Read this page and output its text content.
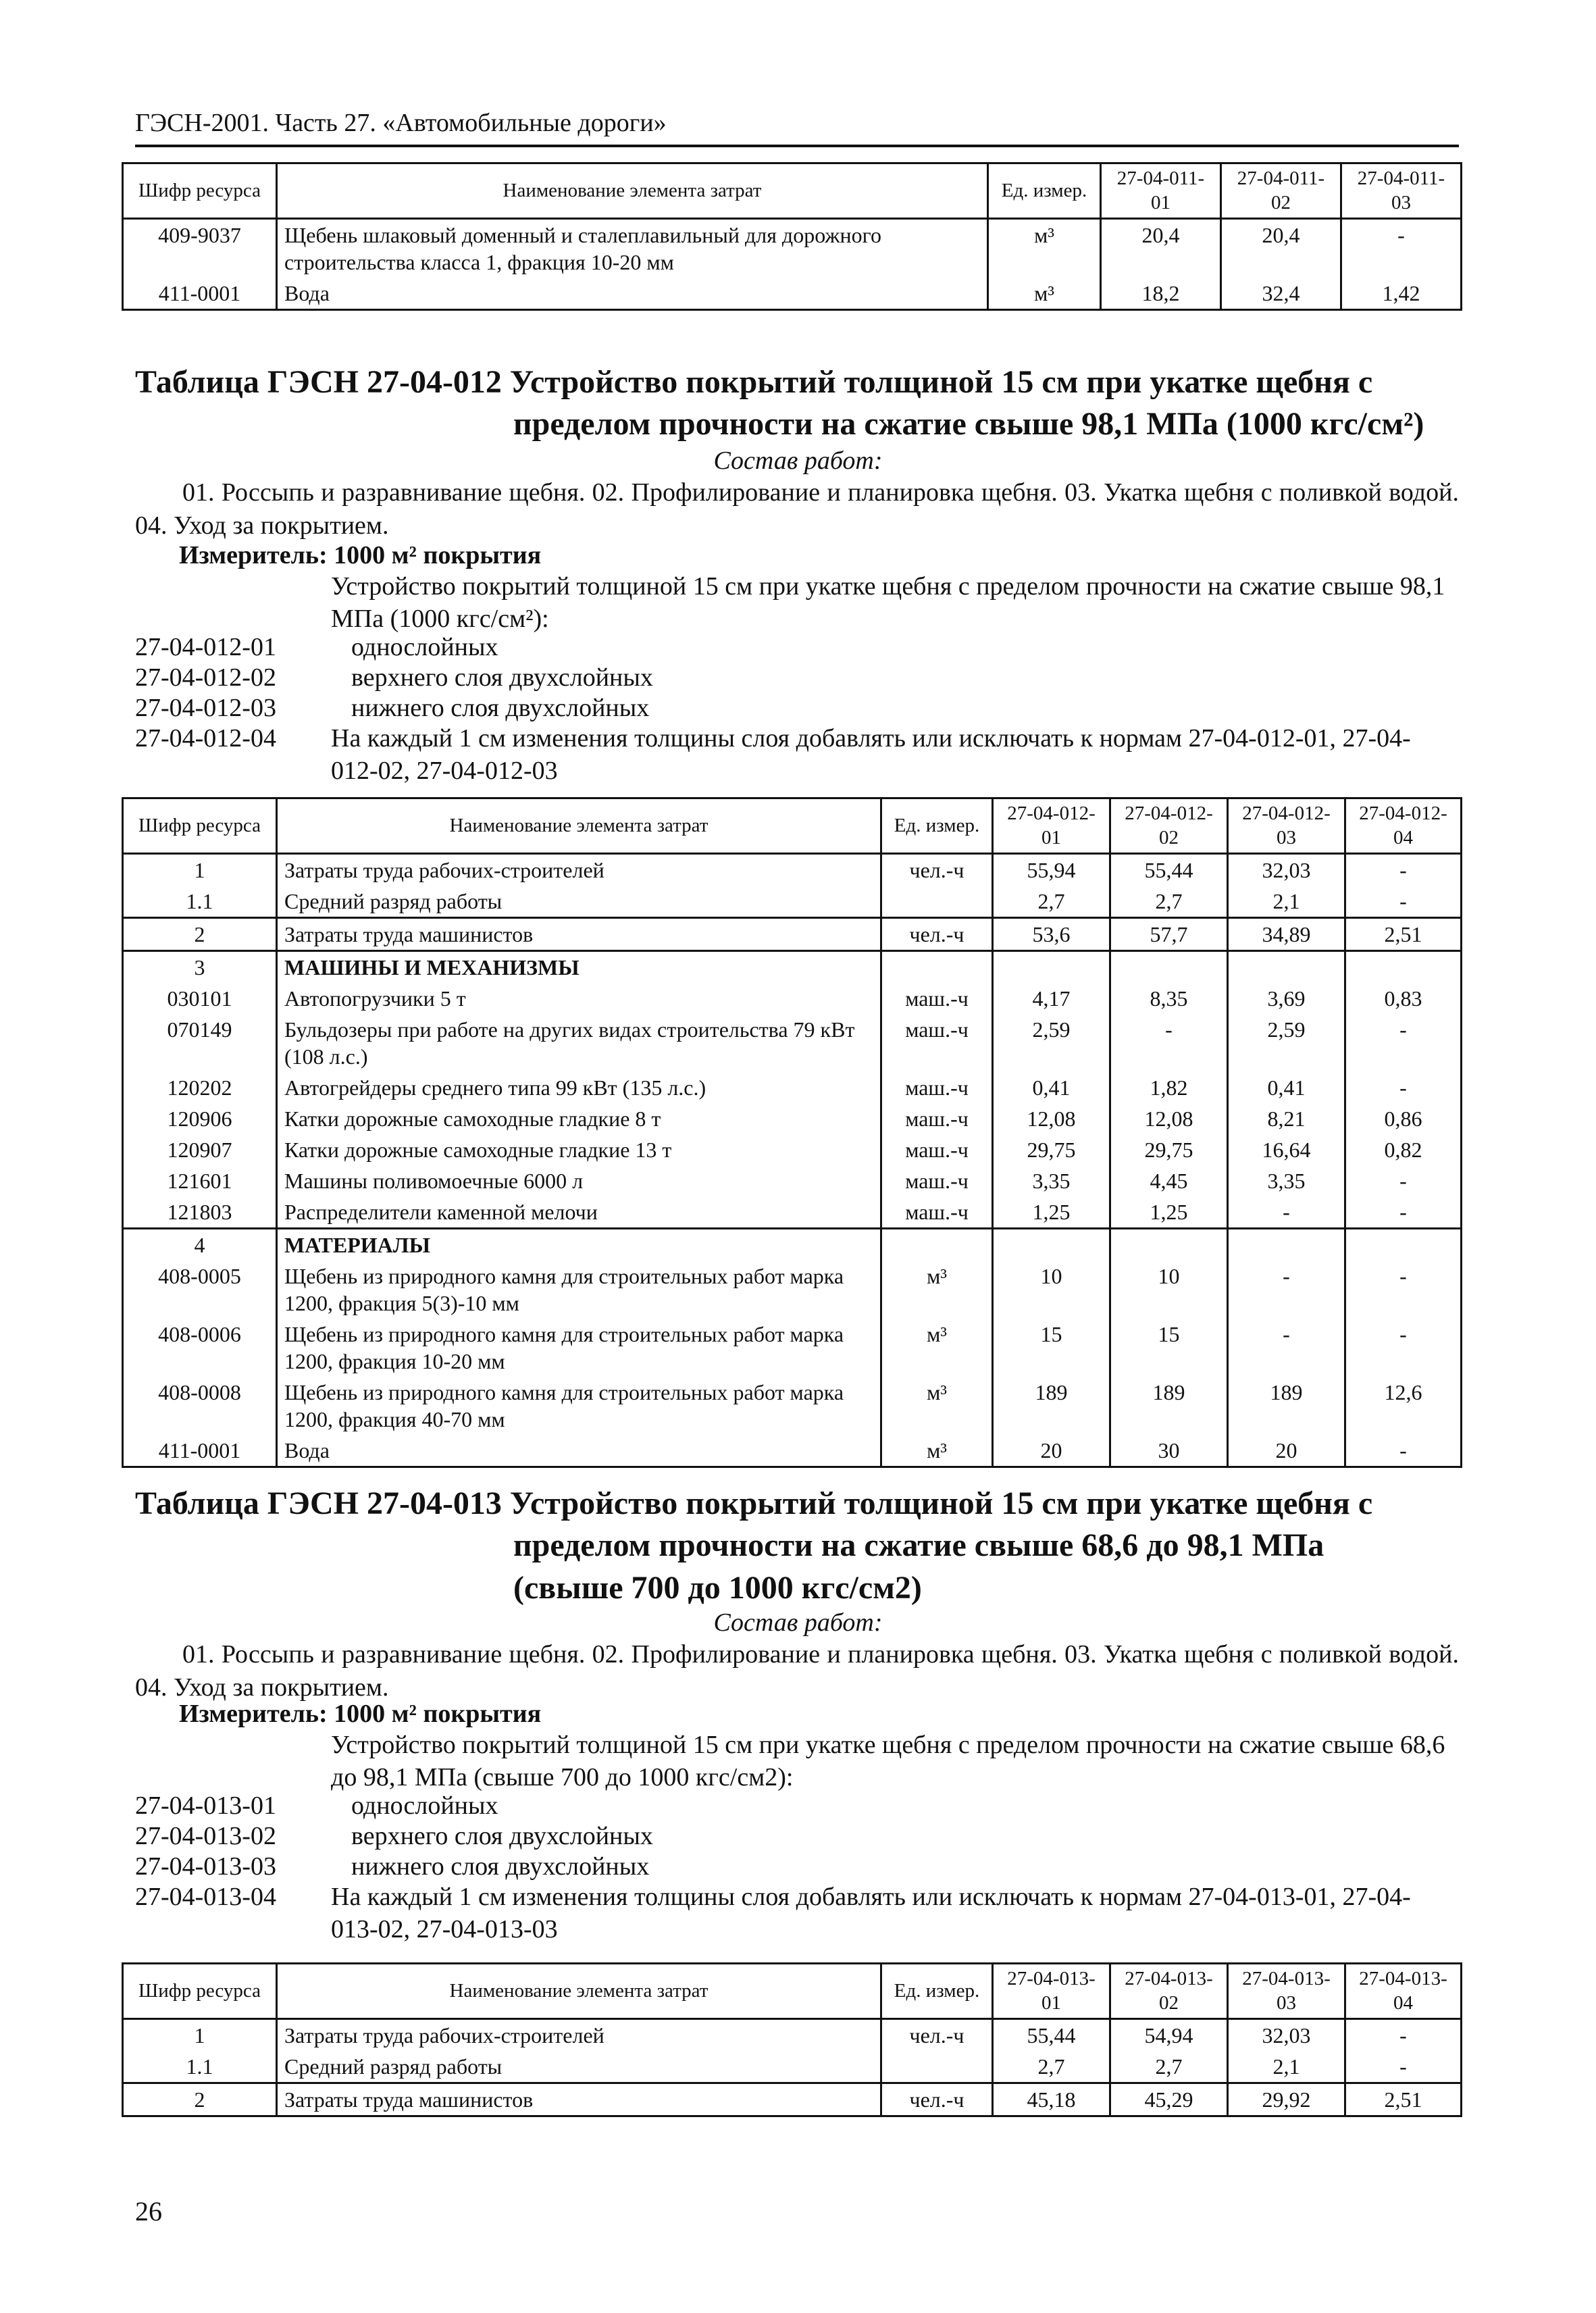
ГЭСН-2001. Часть 27. «Автомобильные дороги»
Шифр ресурса	Наименование элемента затрат	Ед. измер.	27-04-011-01	27-04-011-02	27-04-011-03
409-9037	Щебень шлаковый доменный и сталеплавильный для дорожного строительства класса 1, фракция 10-20 мм	м³	20,4	20,4	-
411-0001	Вода	м³	18,2	32,4	1,42
Таблица ГЭСН 27-04-012 Устройство покрытий толщиной 15 см при укатке щебня с
пределом прочности на сжатие свыше 98,1 МПа (1000 кгс/см²)
Состав работ:
01. Россыпь и разравнивание щебня. 02. Профилирование и планировка щебня. 03. Укатка щебня с поливкой водой. 04. Уход за покрытием.
Измеритель: 1000 м² покрытия
Устройство покрытий толщиной 15 см при укатке щебня с пределом прочности на сжатие свыше 98,1 МПа (1000 кгс/см²):
27-04-012-01	однослойных
27-04-012-02	верхнего слоя двухслойных
27-04-012-03	нижнего слоя двухслойных
27-04-012-04	На каждый 1 см изменения толщины слоя добавлять или исключать к нормам 27-04-012-01, 27-04-012-02, 27-04-012-03
Шифр ресурса	Наименование элемента затрат	Ед. измер.	27-04-012-01	27-04-012-02	27-04-012-03	27-04-012-04
1	Затраты труда рабочих-строителей	чел.-ч	55,94	55,44	32,03	-
1.1	Средний разряд работы		2,7	2,7	2,1	-
2	Затраты труда машинистов	чел.-ч	53,6	57,7	34,89	2,51
3	МАШИНЫ И МЕХАНИЗМЫ					
030101	Автопогрузчики 5 т	маш.-ч	4,17	8,35	3,69	0,83
070149	Бульдозеры при работе на других видах строительства 79 кВт (108 л.с.)	маш.-ч	2,59	-	2,59	-
120202	Автогрейдеры среднего типа 99 кВт (135 л.с.)	маш.-ч	0,41	1,82	0,41	-
120906	Катки дорожные самоходные гладкие 8 т	маш.-ч	12,08	12,08	8,21	0,86
120907	Катки дорожные самоходные гладкие 13 т	маш.-ч	29,75	29,75	16,64	0,82
121601	Машины поливомоечные 6000 л	маш.-ч	3,35	4,45	3,35	-
121803	Распределители каменной мелочи	маш.-ч	1,25	1,25	-	-
4	МАТЕРИАЛЫ					
408-0005	Щебень из природного камня для строительных работ марка 1200, фракция 5(3)-10 мм	м³	10	10	-	-
408-0006	Щебень из природного камня для строительных работ марка 1200, фракция 10-20 мм	м³	15	15	-	-
408-0008	Щебень из природного камня для строительных работ марка 1200, фракция 40-70 мм	м³	189	189	189	12,6
411-0001	Вода	м³	20	30	20	-
Таблица ГЭСН 27-04-013 Устройство покрытий толщиной 15 см при укатке щебня с
пределом прочности на сжатие свыше 68,6 до 98,1 МПа
(свыше 700 до 1000 кгс/см2)
Состав работ:
01. Россыпь и разравнивание щебня. 02. Профилирование и планировка щебня. 03. Укатка щебня с поливкой водой. 04. Уход за покрытием.
Измеритель: 1000 м² покрытия
Устройство покрытий толщиной 15 см при укатке щебня с пределом прочности на сжатие свыше 68,6 до 98,1 МПа (свыше 700 до 1000 кгс/см2):
27-04-013-01	однослойных
27-04-013-02	верхнего слоя двухслойных
27-04-013-03	нижнего слоя двухслойных
27-04-013-04	На каждый 1 см изменения толщины слоя добавлять или исключать к нормам 27-04-013-01, 27-04-013-02, 27-04-013-03
Шифр ресурса	Наименование элемента затрат	Ед. измер.	27-04-013-01	27-04-013-02	27-04-013-03	27-04-013-04
1	Затраты труда рабочих-строителей	чел.-ч	55,44	54,94	32,03	-
1.1	Средний разряд работы		2,7	2,7	2,1	-
2	Затраты труда машинистов	чел.-ч	45,18	45,29	29,92	2,51
26
